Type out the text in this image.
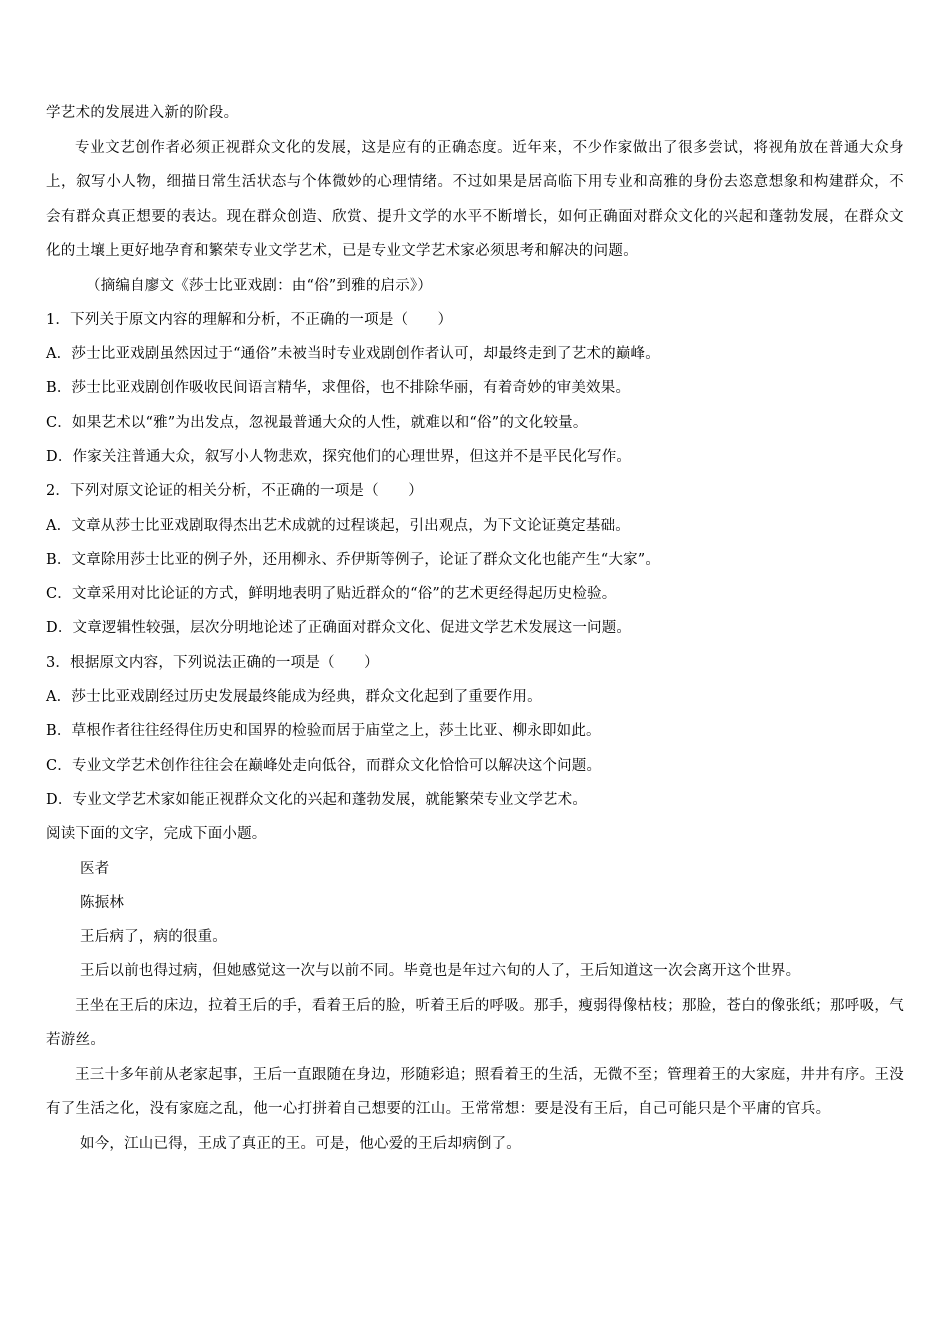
学艺术的发展进入新的阶段。

专业文艺创作者必须正视群众文化的发展，这是应有的正确态度。近年来，不少作家做出了很多尝试，将视角放在普通大众身上，叙写小人物，细描日常生活状态与个体微妙的心理情绪。不过如果是居高临下用专业和高雅的身份去恣意想象和构建群众，不会有群众真正想要的表达。现在群众创造、欣赏、提升文学的水平不断增长，如何正确面对群众文化的兴起和蓬勃发展，在群众文化的土壤上更好地孕育和繁荣专业文学艺术，已是专业文学艺术家必须思考和解决的问题。

（摘编自廖文《莎士比亚戏剧：由“俗”到雅的启示》）
1．下列关于原文内容的理解和分析，不正确的一项是（　　）
A．莎士比亚戏剧虽然因过于“通俗”未被当时专业戏剧创作者认可，却最终走到了艺术的巅峰。
B．莎士比亚戏剧创作吸收民间语言精华，求俚俗，也不排除华丽，有着奇妙的审美效果。
C．如果艺术以“雅”为出发点，忽视最普通大众的人性，就难以和“俗”的文化较量。
D．作家关注普通大众，叙写小人物悲欢，探究他们的心理世界，但这并不是平民化写作。
2．下列对原文论证的相关分析，不正确的一项是（　　）
A．文章从莎士比亚戏剧取得杰出艺术成就的过程谈起，引出观点，为下文论证奠定基础。
B．文章除用莎士比亚的例子外，还用柳永、乔伊斯等例子，论证了群众文化也能产生“大家”。
C．文章采用对比论证的方式，鲜明地表明了贴近群众的“俗”的艺术更经得起历史检验。
D．文章逻辑性较强，层次分明地论述了正确面对群众文化、促进文学艺术发展这一问题。
3．根据原文内容，下列说法正确的一项是（　　）
A．莎士比亚戏剧经过历史发展最终能成为经典，群众文化起到了重要作用。
B．草根作者往往经得住历史和国界的检验而居于庙堂之上，莎土比亚、柳永即如此。
C．专业文学艺术创作往往会在巅峰处走向低谷，而群众文化恰恰可以解决这个问题。
D．专业文学艺术家如能正视群众文化的兴起和蓬勃发展，就能繁荣专业文学艺术。
阅读下面的文字，完成下面小题。
医者
陈振林
王后病了，病的很重。
王后以前也得过病，但她感觉这一次与以前不同。毕竟也是年过六旬的人了，王后知道这一次会离开这个世界。

王坐在王后的床边，拉着王后的手，看着王后的脸，听着王后的呼吸。那手，瘦弱得像枯枝；那脸，苍白的像张纸；那呼吸，气若游丝。

王三十多年前从老家起事，王后一直跟随在身边，形随彩追；照看着王的生活，无微不至；管理着王的大家庭，井井有序。王没有了生活之化，没有家庭之乱，他一心打拼着自己想要的江山。王常常想：要是没有王后，自己可能只是个平庸的官兵。

如今，江山已得，王成了真正的王。可是，他心爱的王后却病倒了。
